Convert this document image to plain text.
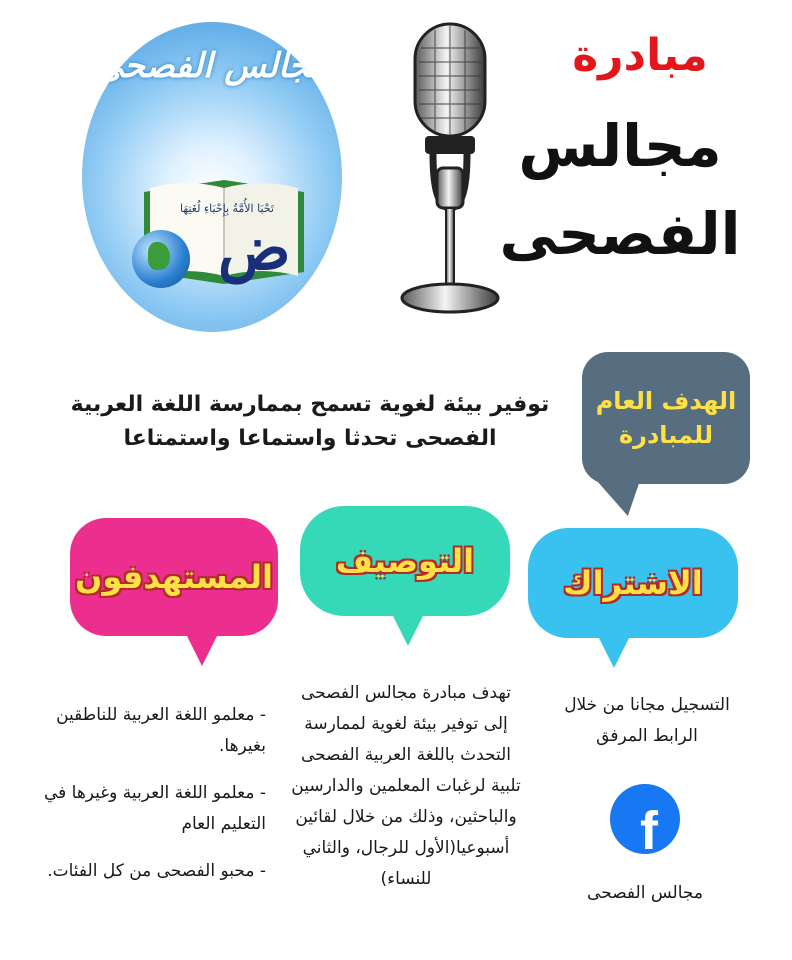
مجالس الفصحى
تَحْيَا الأُمَّةُ بِإِحْيَاءِ لُغَتِهَا
ض
مبادرة
مجالس
الفصحى
الهدف العام للمبادرة
توفير بيئة لغوية تسمح بممارسة اللغة العربية الفصحى تحدثا واستماعا واستمتاعا
الاشتراك
التوصيف
المستهدفون
التسجيل مجانا من خلال الرابط المرفق
f
مجالس الفصحى
تهدف مبادرة مجالس الفصحى إلى توفير بيئة لغوية لممارسة التحدث باللغة العربية الفصحى تلبية لرغبات المعلمين والدارسين والباحثين، وذلك من خلال لقائين أسبوعيا(الأول للرجال، والثاني للنساء)

- معلمو اللغة العربية للناطقين بغيرها.

- معلمو اللغة العربية وغيرها في التعليم العام

- محبو الفصحى من كل الفئات.
